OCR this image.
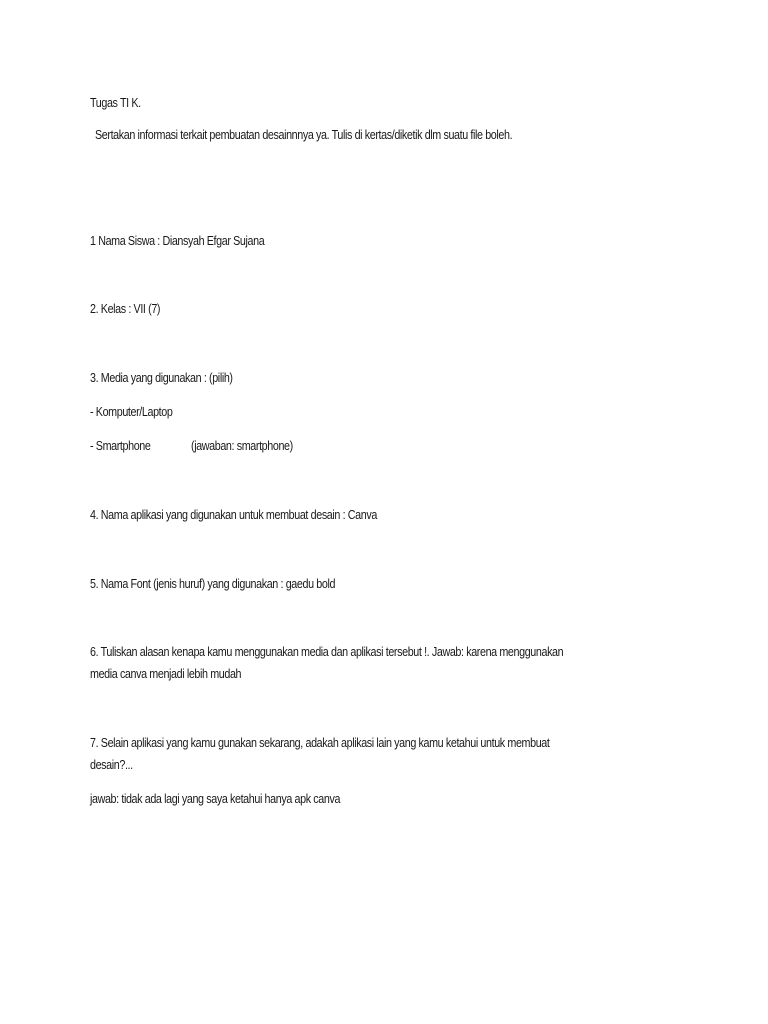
Tugas TI K.

Sertakan informasi terkait pembuatan desainnnya ya. Tulis di kertas/diketik dlm suatu file boleh.

1 Nama Siswa : Diansyah Efgar Sujana

2. Kelas : VII (7)

3. Media yang digunakan : (pilih)

- Komputer/Laptop

- Smartphone	(jawaban: smartphone)

4. Nama aplikasi yang digunakan untuk membuat desain : Canva

5. Nama Font (jenis huruf) yang digunakan : gaedu bold

6. Tuliskan alasan kenapa kamu menggunakan media dan aplikasi tersebut !. Jawab: karena menggunakan

media canva menjadi lebih mudah

7. Selain aplikasi yang kamu gunakan sekarang, adakah aplikasi lain yang kamu ketahui untuk membuat

desain?...

jawab: tidak ada lagi yang saya ketahui hanya apk canva
